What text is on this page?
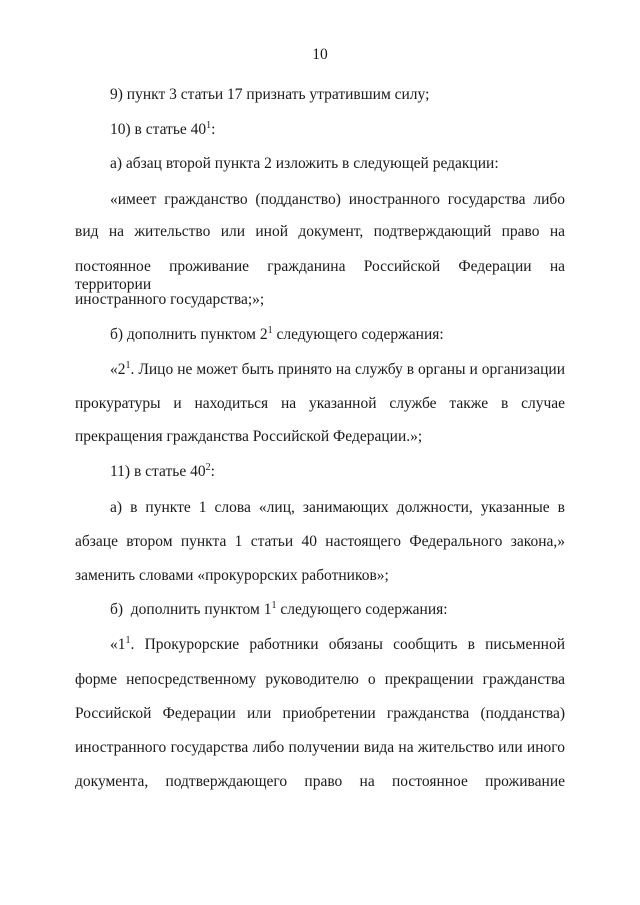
10
9) пункт 3 статьи 17 признать утратившим силу;
10) в статье $40^1$:
а) абзац второй пункта 2 изложить в следующей редакции:
«имеет гражданство (подданство) иностранного государства либо
вид на жительство или иной документ, подтверждающий право на
постоянное проживание гражданина Российской Федерации на территории
иностранного государства;»;
б) дополнить пунктом $2^1$ следующего содержания:
«$2^1$. Лицо не может быть принято на службу в органы и организации
прокуратуры и находиться на указанной службе также в случае
прекращения гражданства Российской Федерации.»;
11) в статье $40^2$:
а) в пункте 1 слова «лиц, занимающих должности, указанные в
абзаце втором пункта 1 статьи 40 настоящего Федерального закона,»
заменить словами «прокурорских работников»;
б)  дополнить пунктом $1^1$ следующего содержания:
«$1^1$. Прокурорские работники обязаны сообщить в письменной
форме непосредственному руководителю о прекращении гражданства
Российской Федерации или приобретении гражданства (подданства)
иностранного государства либо получении вида на жительство или иного
документа, подтверждающего право на постоянное проживание
